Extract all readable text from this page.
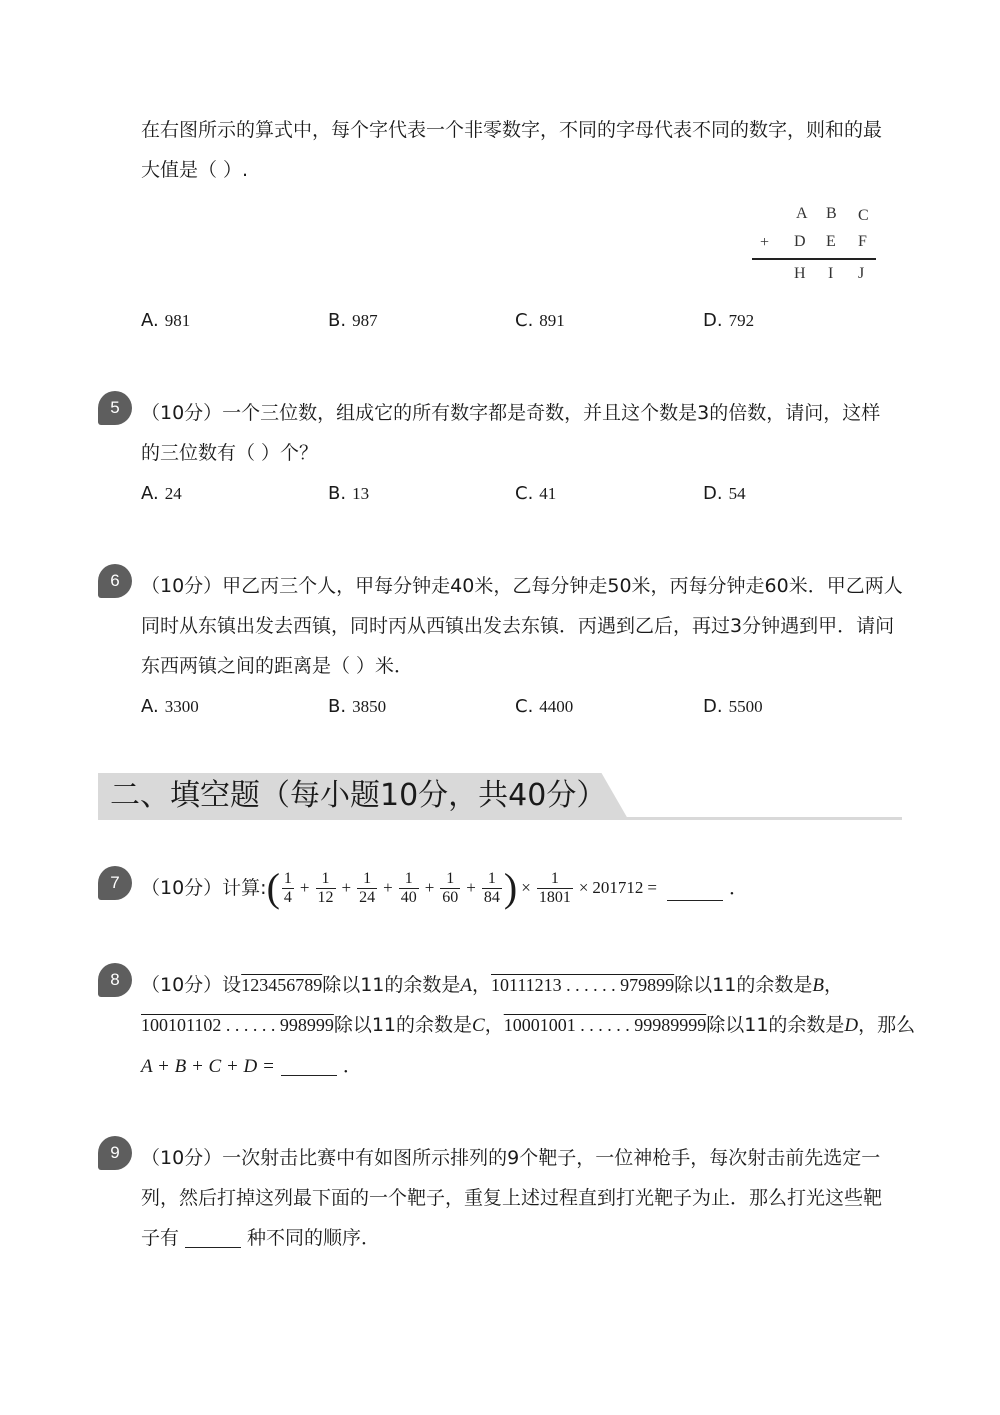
在右图所示的算式中，每个字代表一个非零数字，不同的字母代表不同的数字，则和的最
大值是（ ）.
A B C
+ D E F
H I J
A. 981	B. 987	C. 891	D. 792
5	（10分）一个三位数，组成它的所有数字都是奇数，并且这个数是3的倍数，请问，这样
的三位数有（ ）个？
A. 24	B. 13	C. 41	D. 54
6	（10分）甲乙丙三个人，甲每分钟走40米，乙每分钟走50米，丙每分钟走60米．甲乙两人
同时从东镇出发去西镇，同时丙从西镇出发去东镇．丙遇到乙后，再过3分钟遇到甲．请问
东西两镇之间的距离是（ ）米．
A. 3300	B. 3850	C. 4400	D. 5500
二、填空题（每小题10分，共40分）
7	（10分）计算: ( $\frac{1}{4} + \frac{1}{12} + \frac{1}{24} + \frac{1}{40} + \frac{1}{60} + \frac{1}{84}$ ) × $\frac{1}{1801} \times 201712$ =	．
8	（10分）设123456789除以11的余数是A，10111213 . . . . . . 979899除以11的余数是B，
100101102 . . . . . . 998999除以11的余数是C，10001001 . . . . . . 99989999除以11的余数是D，那么
A + B + C + D =	．
9	（10分）一次射击比赛中有如图所示排列的9个靶子，一位神枪手，每次射击前先选定一
列，然后打掉这列最下面的一个靶子，重复上述过程直到打光靶子为止．那么打光这些靶
子有	种不同的顺序．
